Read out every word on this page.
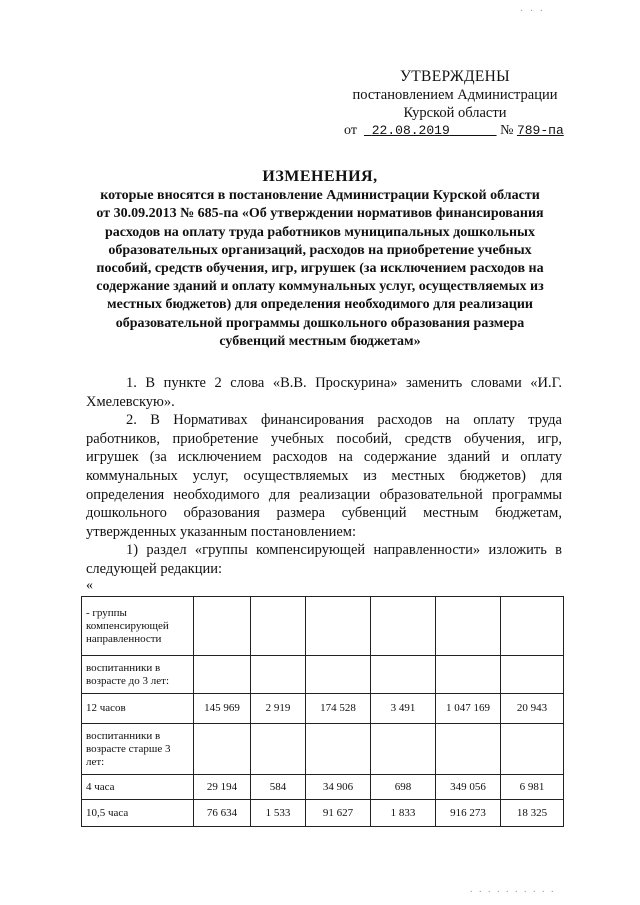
· · ·
УТВЕРЖДЕНЫ
постановлением Администрации
Курской области
от 22.08.2019	№ 789-па
ИЗМЕНЕНИЯ,
которые вносятся в постановление Администрации Курской области
от 30.09.2013 № 685-па «Об утверждении нормативов финансирования
расходов на оплату труда работников муниципальных дошкольных
образовательных организаций, расходов на приобретение учебных
пособий, средств обучения, игр, игрушек (за исключением расходов на
содержание зданий и оплату коммунальных услуг, осуществляемых из
местных бюджетов) для определения необходимого для реализации
образовательной программы дошкольного образования размера
субвенций местным бюджетам»

1. В пункте 2 слова «В.В. Проскурина» заменить словами «И.Г. Хмелевскую».

2. В Нормативах финансирования расходов на оплату труда работников, приобретение учебных пособий, средств обучения, игр, игрушек (за исключением расходов на содержание зданий и оплату коммунальных услуг, осуществляемых из местных бюджетов) для определения необходимого для реализации образовательной программы дошкольного образования размера субвенций местным бюджетам, утвержденных указанным постановлением:

1) раздел «группы компенсирующей направленности» изложить в следующей редакции:

«
- группы компенсирующей направленности						
воспитанники в возрасте до 3 лет:						
12 часов	145 969	2 919	174 528	3 491	1 047 169	20 943
воспитанники в возрасте старше 3 лет:						
4 часа	29 194	584	34 906	698	349 056	6 981
10,5 часа	76 634	1 533	91 627	1 833	916 273	18 325
. . . . . . . . . .
